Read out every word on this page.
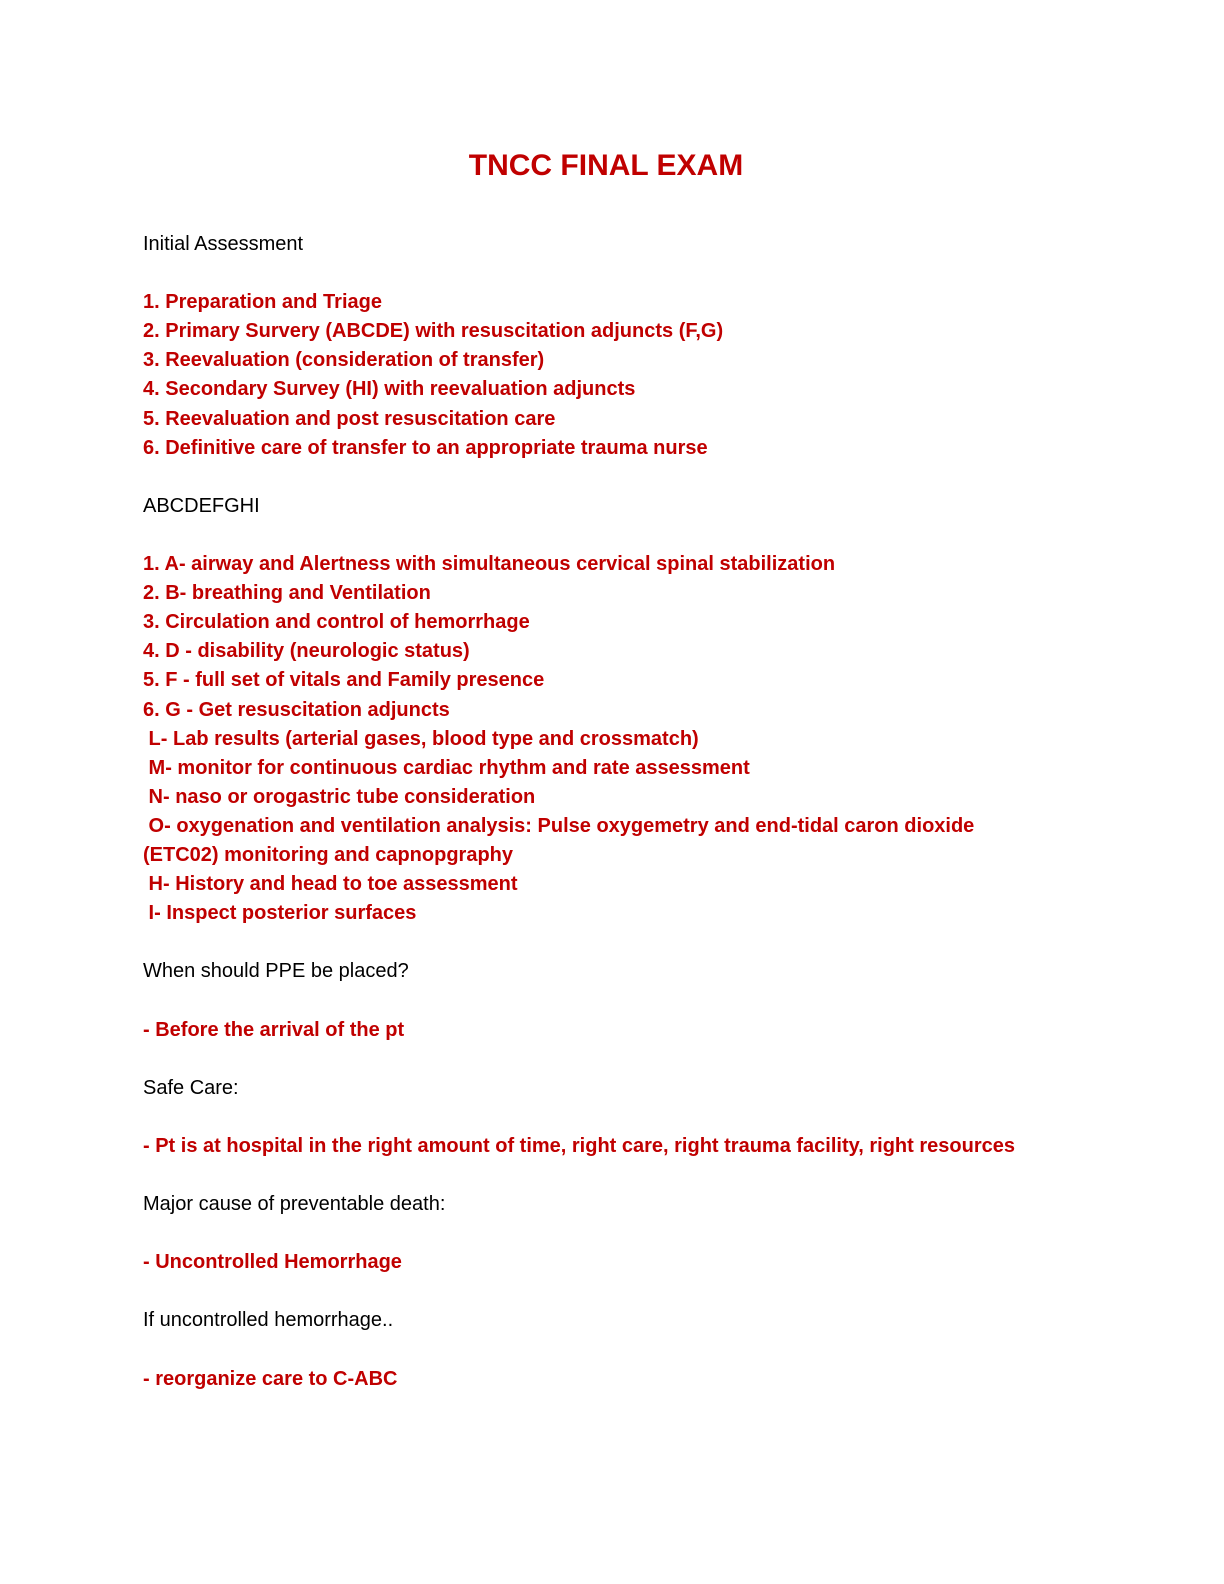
TNCC FINAL EXAM
Initial Assessment
1. Preparation and Triage
2. Primary Survery (ABCDE) with resuscitation adjuncts (F,G)
3. Reevaluation (consideration of transfer)
4. Secondary Survey (HI) with reevaluation adjuncts
5. Reevaluation and post resuscitation care
6. Definitive care of transfer to an appropriate trauma nurse
ABCDEFGHI
1. A- airway and Alertness with simultaneous cervical spinal stabilization
2. B- breathing and Ventilation
3. Circulation and control of hemorrhage
4. D - disability (neurologic status)
5. F - full set of vitals and Family presence
6. G - Get resuscitation adjuncts
L- Lab results (arterial gases, blood type and crossmatch)
M- monitor for continuous cardiac rhythm and rate assessment
N- naso or orogastric tube consideration
O- oxygenation and ventilation analysis: Pulse oxygemetry and end-tidal caron dioxide
(ETC02) monitoring and capnopgraphy
H- History and head to toe assessment
I- Inspect posterior surfaces
When should PPE be placed?
- Before the arrival of the pt
Safe Care:
- Pt is at hospital in the right amount of time, right care, right trauma facility, right resources
Major cause of preventable death:
- Uncontrolled Hemorrhage
If uncontrolled hemorrhage..
- reorganize care to C-ABC
